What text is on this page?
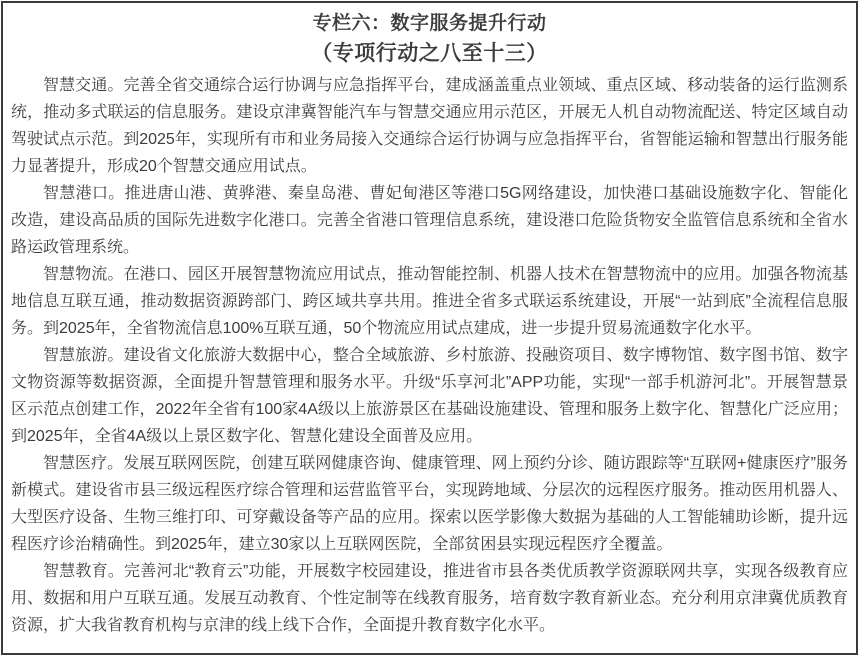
专栏六：数字服务提升行动
（专项行动之八至十三）

智慧交通。完善全省交通综合运行协调与应急指挥平台，建成涵盖重点业领域、重点区域、移动装备的运行监测系统，推动多式联运的信息服务。建设京津冀智能汽车与智慧交通应用示范区，开展无人机自动物流配送、特定区域自动驾驶试点示范。到2025年，实现所有市和业务局接入交通综合运行协调与应急指挥平台，省智能运输和智慧出行服务能力显著提升，形成20个智慧交通应用试点。

智慧港口。推进唐山港、黄骅港、秦皇岛港、曹妃甸港区等港口5G网络建设，加快港口基础设施数字化、智能化改造，建设高品质的国际先进数字化港口。完善全省港口管理信息系统，建设港口危险货物安全监管信息系统和全省水路运政管理系统。

智慧物流。在港口、园区开展智慧物流应用试点，推动智能控制、机器人技术在智慧物流中的应用。加强各物流基地信息互联互通，推动数据资源跨部门、跨区域共享共用。推进全省多式联运系统建设，开展“一站到底”全流程信息服务。到2025年，全省物流信息100%互联互通，50个物流应用试点建成，进一步提升贸易流通数字化水平。

智慧旅游。建设省文化旅游大数据中心，整合全域旅游、乡村旅游、投融资项目、数字博物馆、数字图书馆、数字文物资源等数据资源，全面提升智慧管理和服务水平。升级“乐享河北”APP功能，实现“一部手机游河北”。开展智慧景区示范点创建工作，2022年全省有100家4A级以上旅游景区在基础设施建设、管理和服务上数字化、智慧化广泛应用；到2025年，全省4A级以上景区数字化、智慧化建设全面普及应用。

智慧医疗。发展互联网医院，创建互联网健康咨询、健康管理、网上预约分诊、随访跟踪等“互联网+健康医疗”服务新模式。建设省市县三级远程医疗综合管理和运营监管平台，实现跨地域、分层次的远程医疗服务。推动医用机器人、大型医疗设备、生物三维打印、可穿戴设备等产品的应用。探索以医学影像大数据为基础的人工智能辅助诊断，提升远程医疗诊治精确性。到2025年，建立30家以上互联网医院，全部贫困县实现远程医疗全覆盖。

智慧教育。完善河北“教育云”功能，开展数字校园建设，推进省市县各类优质教学资源联网共享，实现各级教育应用、数据和用户互联互通。发展互动教育、个性定制等在线教育服务，培育数字教育新业态。充分利用京津冀优质教育资源，扩大我省教育机构与京津的线上线下合作，全面提升教育数字化水平。
